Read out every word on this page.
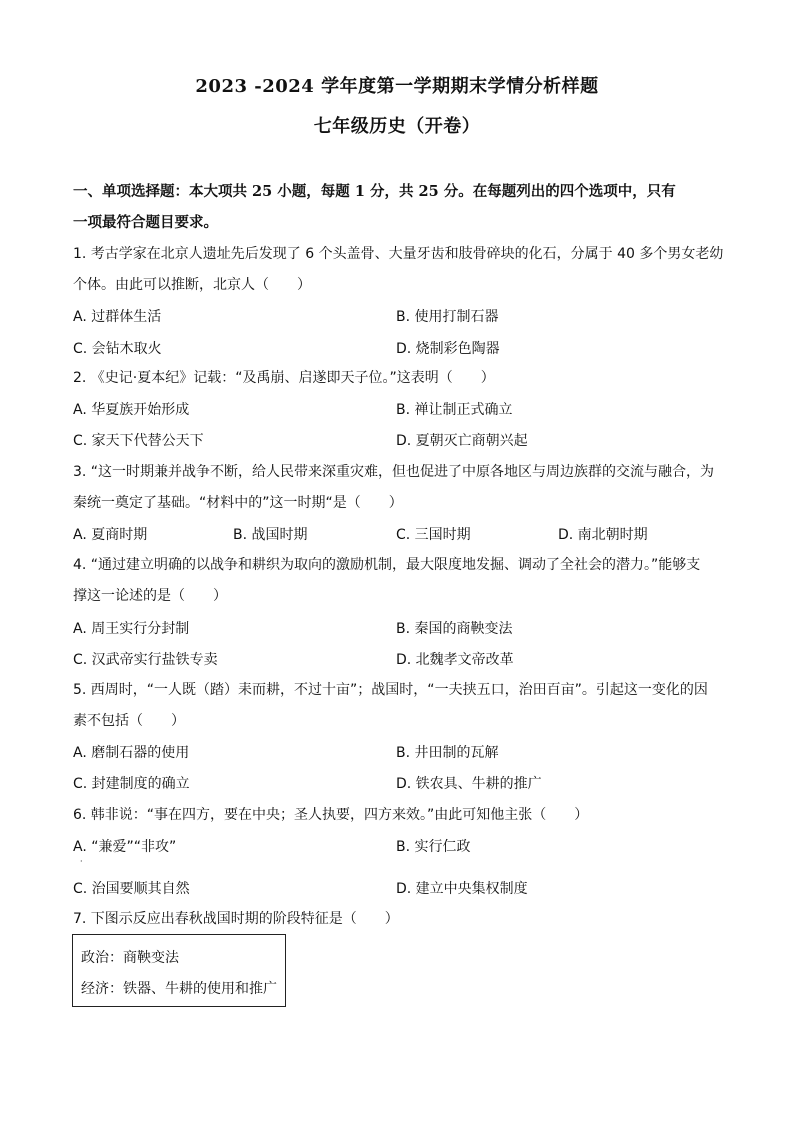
2023 -2024 学年度第一学期期末学情分析样题
七年级历史（开卷）
一、单项选择题：本大项共 25 小题，每题 1 分，共 25 分。在每题列出的四个选项中，只有
一项最符合题目要求。
1. 考古学家在北京人遗址先后发现了 6 个头盖骨、大量牙齿和肢骨碎块的化石，分属于 40 多个男女老幼
个体。由此可以推断，北京人（　　）
A. 过群体生活	B. 使用打制石器
C. 会钻木取火	D. 烧制彩色陶器
2. 《史记·夏本纪》记载：“及禹崩、启遂即天子位。”这表明（　　）
A. 华夏族开始形成	B. 禅让制正式确立
C. 家天下代替公天下	D. 夏朝灭亡商朝兴起
3. “这一时期兼并战争不断，给人民带来深重灾难，但也促进了中原各地区与周边族群的交流与融合，为
秦统一奠定了基础。“材料中的”这一时期“是（　　）
A. 夏商时期	B. 战国时期	C. 三国时期	D. 南北朝时期
4. “通过建立明确的以战争和耕织为取向的激励机制，最大限度地发掘、调动了全社会的潜力。”能够支
撑这一论述的是（　　）
A. 周王实行分封制	B. 秦国的商鞅变法
C. 汉武帝实行盐铁专卖	D. 北魏孝文帝改革
5. 西周时，“一人既（踏）耒而耕，不过十亩”；战国时，“一夫挟五口，治田百亩”。引起这一变化的因
素不包括（　　）
A. 磨制石器的使用	B. 井田制的瓦解
C. 封建制度的确立	D. 铁农具、牛耕的推广
6. 韩非说：“事在四方，要在中央；圣人执要，四方来效。”由此可知他主张（　　）
A. “兼爱”“非攻”	B. 实行仁政
·
C. 治国要顺其自然	D. 建立中央集权制度
7. 下图示反应出春秋战国时期的阶段特征是（　　）
政治：商鞅变法
经济：铁器、牛耕的使用和推广
